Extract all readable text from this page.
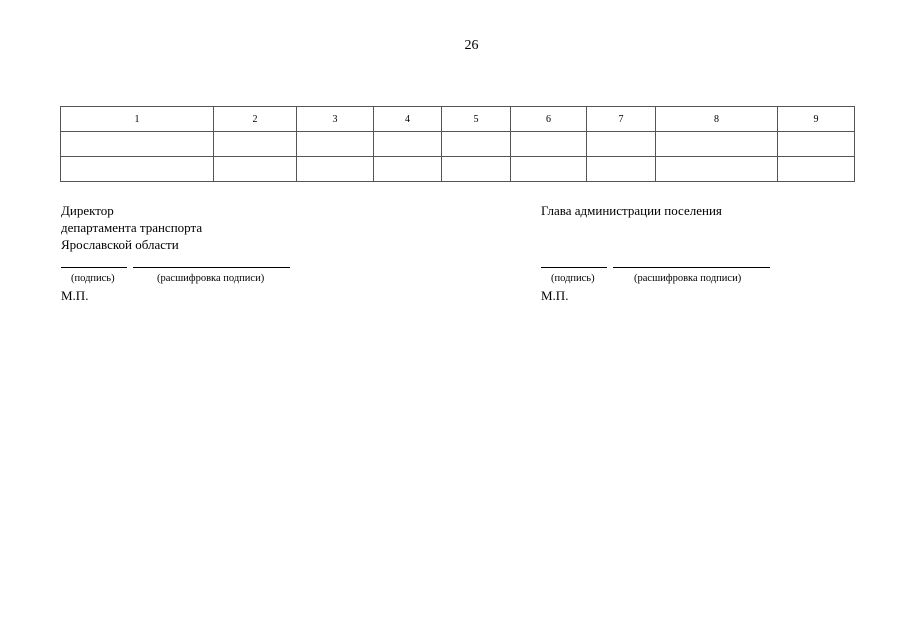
26
1	2	3	4	5	6	7	8	9

Директор
департамента транспорта
Ярославской области
(подпись)	(расшифровка подписи)
М.П.
Глава администрации поселения
(подпись)	(расшифровка подписи)
М.П.
